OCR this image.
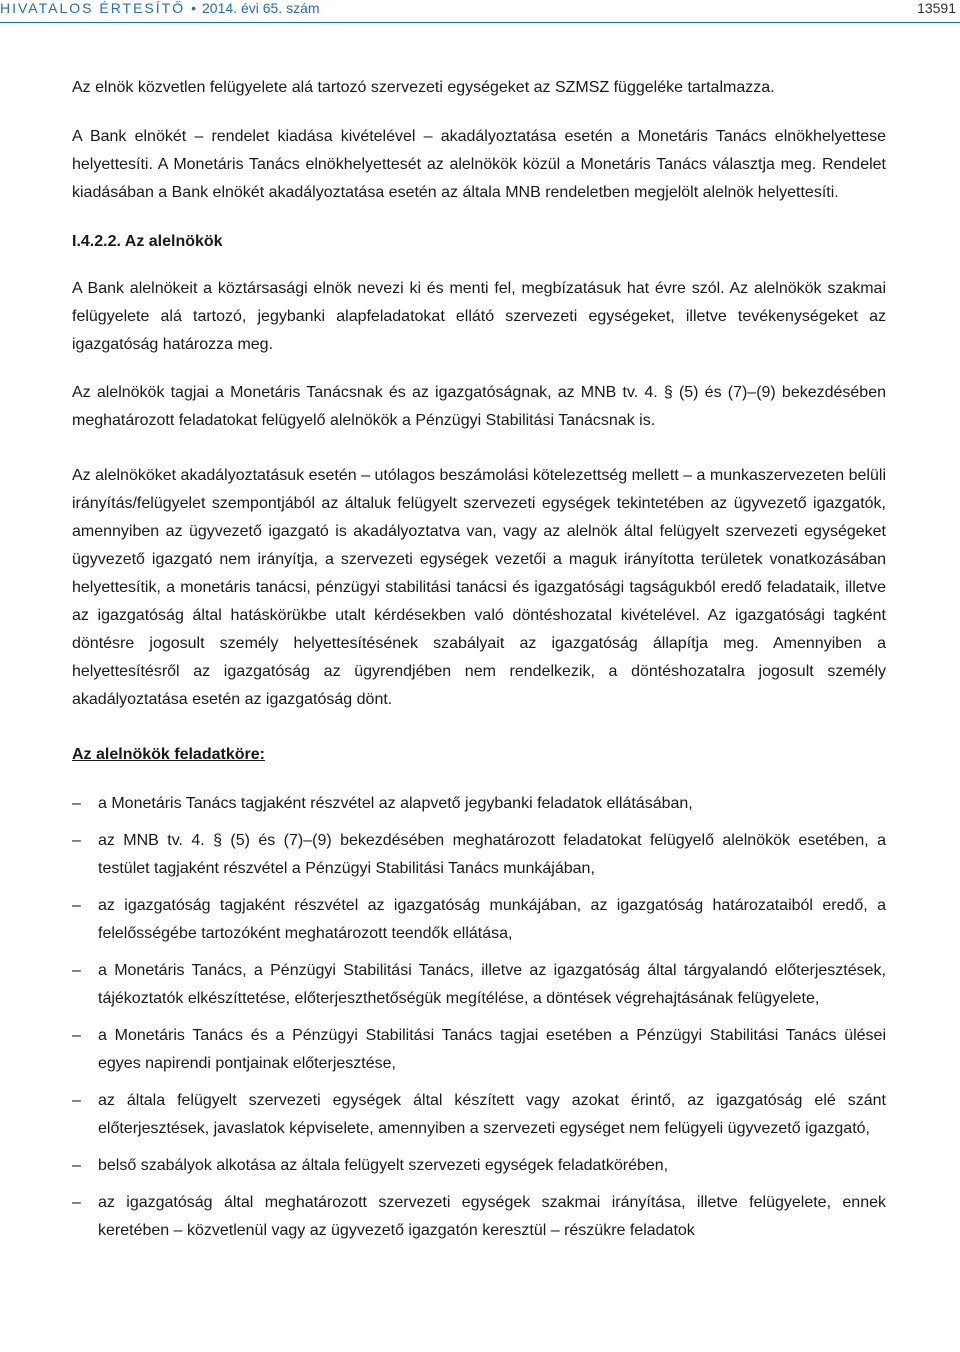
HIVATALOS ÉRTESÍTŐ • 2014. évi 65. szám	13591

Az elnök közvetlen felügyelete alá tartozó szervezeti egységeket az SZMSZ függeléke tartalmazza.

A Bank elnökét – rendelet kiadása kivételével – akadályoztatása esetén a Monetáris Tanács elnökhelyettese helyettesíti. A Monetáris Tanács elnökhelyettesét az alelnökök közül a Monetáris Tanács választja meg. Rendelet kiadásában a Bank elnökét akadályoztatása esetén az általa MNB rendeletben megjelölt alelnök helyettesíti.

I.4.2.2. Az alelnökök

A Bank alelnökeit a köztársasági elnök nevezi ki és menti fel, megbízatásuk hat évre szól. Az alelnökök szakmai felügyelete alá tartozó, jegybanki alapfeladatokat ellátó szervezeti egységeket, illetve tevékenységeket az igazgatóság határozza meg.

Az alelnökök tagjai a Monetáris Tanácsnak és az igazgatóságnak, az MNB tv. 4. § (5) és (7)–(9) bekezdésében meghatározott feladatokat felügyelő alelnökök a Pénzügyi Stabilitási Tanácsnak is.

Az alelnököket akadályoztatásuk esetén – utólagos beszámolási kötelezettség mellett – a munkaszervezeten belüli irányítás/felügyelet szempontjából az általuk felügyelt szervezeti egységek tekintetében az ügyvezető igazgatók, amennyiben az ügyvezető igazgató is akadályoztatva van, vagy az alelnök által felügyelt szervezeti egységeket ügyvezető igazgató nem irányítja, a szervezeti egységek vezetői a maguk irányította területek vonatkozásában helyettesítik, a monetáris tanácsi, pénzügyi stabilitási tanácsi és igazgatósági tagságukból eredő feladataik, illetve az igazgatóság által hatáskörükbe utalt kérdésekben való döntéshozatal kivételével. Az igazgatósági tagként döntésre jogosult személy helyettesítésének szabályait az igazgatóság állapítja meg. Amennyiben a helyettesítésről az igazgatóság az ügyrendjében nem rendelkezik, a döntéshozatalra jogosult személy akadályoztatása esetén az igazgatóság dönt.

Az alelnökök feladatköre:

– a Monetáris Tanács tagjaként részvétel az alapvető jegybanki feladatok ellátásában,
– az MNB tv. 4. § (5) és (7)–(9) bekezdésében meghatározott feladatokat felügyelő alelnökök esetében, a testület tagjaként részvétel a Pénzügyi Stabilitási Tanács munkájában,
– az igazgatóság tagjaként részvétel az igazgatóság munkájában, az igazgatóság határozataiból eredő, a felelősségébe tartozóként meghatározott teendők ellátása,
– a Monetáris Tanács, a Pénzügyi Stabilitási Tanács, illetve az igazgatóság által tárgyalandó előterjesztések, tájékoztatók elkészíttetése, előterjeszthetőségük megítélése, a döntések végrehajtásának felügyelete,
– a Monetáris Tanács és a Pénzügyi Stabilitási Tanács tagjai esetében a Pénzügyi Stabilitási Tanács ülései egyes napirendi pontjainak előterjesztése,
– az általa felügyelt szervezeti egységek által készített vagy azokat érintő, az igazgatóság elé szánt előterjesztések, javaslatok képviselete, amennyiben a szervezeti egységet nem felügyeli ügyvezető igazgató,
– belső szabályok alkotása az általa felügyelt szervezeti egységek feladatkörében,
– az igazgatóság által meghatározott szervezeti egységek szakmai irányítása, illetve felügyelete, ennek keretében – közvetlenül vagy az ügyvezető igazgatón keresztül – részükre feladatok
